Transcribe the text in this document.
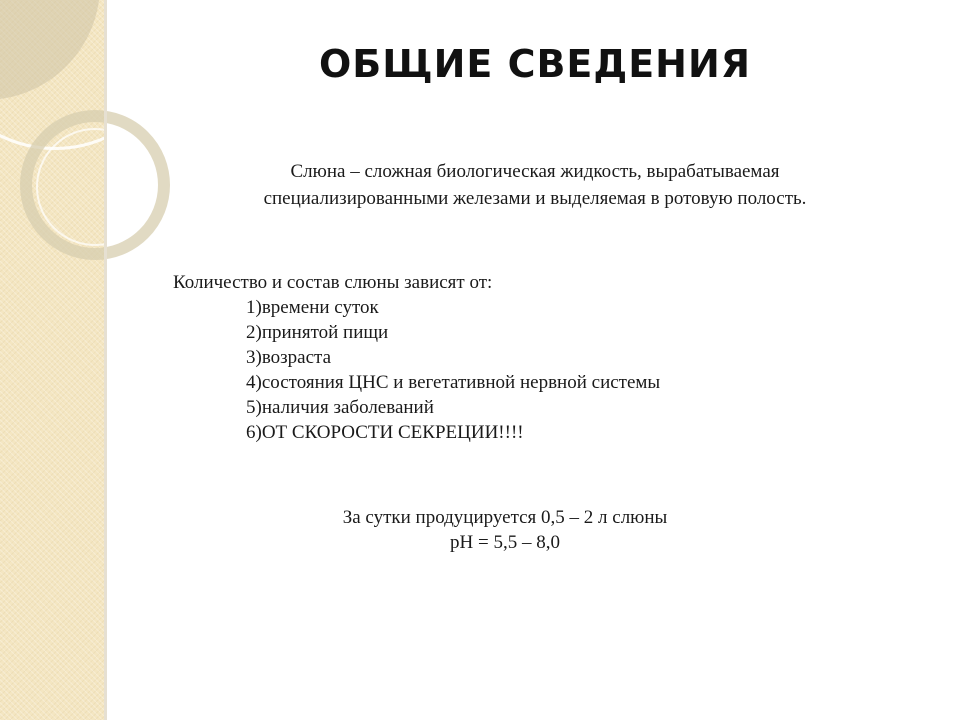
ОБЩИЕ СВЕДЕНИЯ
Слюна – сложная биологическая жидкость, вырабатываемая
специализированными железами и выделяемая в ротовую полость.
Количество и состав слюны зависят от:
1)времени суток
2)принятой пищи
3)возраста
4)состояния ЦНС и вегетативной нервной системы
5)наличия заболеваний
6)ОТ СКОРОСТИ СЕКРЕЦИИ!!!!
За сутки продуцируется 0,5 – 2 л слюны
pH = 5,5 – 8,0
